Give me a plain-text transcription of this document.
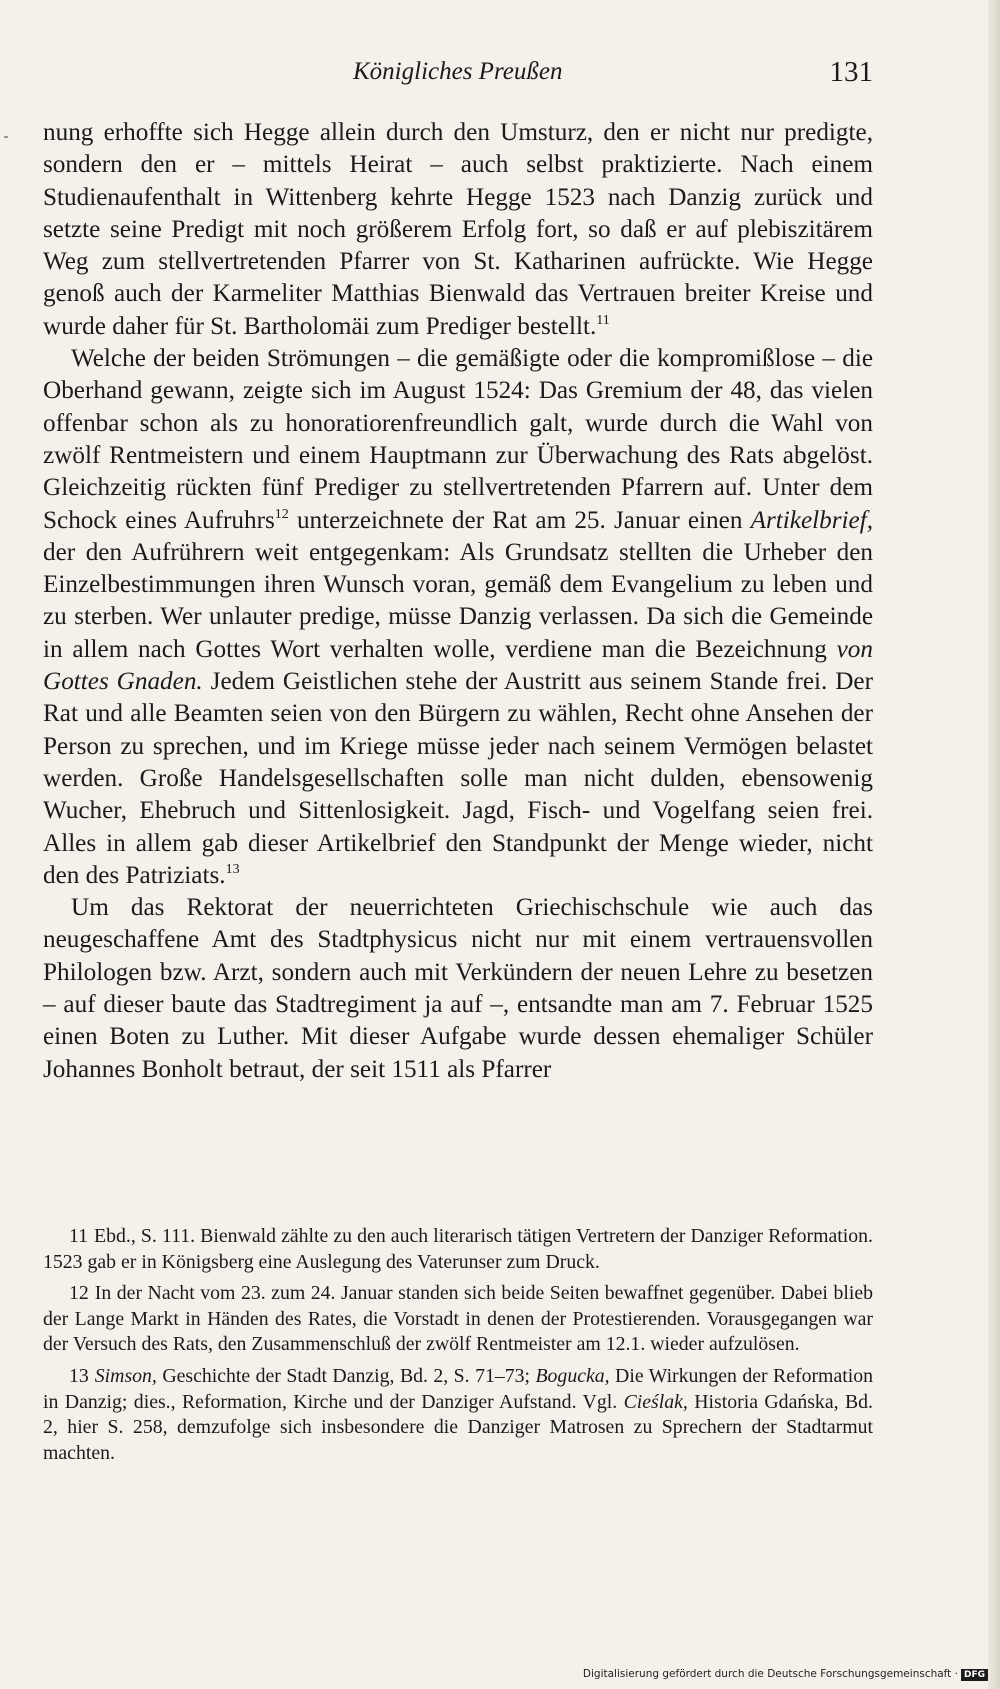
Königliches Preußen	131

nung erhoffte sich Hegge allein durch den Umsturz, den er nicht nur predigte, sondern den er – mittels Heirat – auch selbst praktizierte. Nach einem Studienaufenthalt in Wittenberg kehrte Hegge 1523 nach Danzig zurück und setzte seine Predigt mit noch größerem Erfolg fort, so daß er auf plebiszitärem Weg zum stellvertretenden Pfarrer von St. Katharinen aufrückte. Wie Hegge genoß auch der Karmeliter Matthias Bienwald das Vertrauen breiter Kreise und wurde daher für St. Bartholomäi zum Prediger bestellt.$^{11}$

Welche der beiden Strömungen – die gemäßigte oder die kompromißlose – die Oberhand gewann, zeigte sich im August 1524: Das Gremium der 48, das vielen offenbar schon als zu honoratiorenfreundlich galt, wurde durch die Wahl von zwölf Rentmeistern und einem Hauptmann zur Überwachung des Rats abgelöst. Gleichzeitig rückten fünf Prediger zu stellvertretenden Pfarrern auf. Unter dem Schock eines Aufruhrs$^{12}$ unterzeichnete der Rat am 25. Januar einen Artikelbrief, der den Aufrührern weit entgegenkam: Als Grundsatz stellten die Urheber den Einzelbestimmungen ihren Wunsch voran, gemäß dem Evangelium zu leben und zu sterben. Wer unlauter predige, müsse Danzig verlassen. Da sich die Gemeinde in allem nach Gottes Wort verhalten wolle, verdiene man die Bezeichnung von Gottes Gnaden. Jedem Geistlichen stehe der Austritt aus seinem Stande frei. Der Rat und alle Beamten seien von den Bürgern zu wählen, Recht ohne Ansehen der Person zu sprechen, und im Kriege müsse jeder nach seinem Vermögen belastet werden. Große Handelsgesellschaften solle man nicht dulden, ebensowenig Wucher, Ehebruch und Sittenlosigkeit. Jagd, Fisch- und Vogelfang seien frei. Alles in allem gab dieser Artikelbrief den Standpunkt der Menge wieder, nicht den des Patriziats.$^{13}$

Um das Rektorat der neuerrichteten Griechischschule wie auch das neugeschaffene Amt des Stadtphysicus nicht nur mit einem vertrauensvollen Philologen bzw. Arzt, sondern auch mit Verkündern der neuen Lehre zu besetzen – auf dieser baute das Stadtregiment ja auf –, entsandte man am 7. Februar 1525 einen Boten zu Luther. Mit dieser Aufgabe wurde dessen ehemaliger Schüler Johannes Bonholt betraut, der seit 1511 als Pfarrer

11 Ebd., S. 111. Bienwald zählte zu den auch literarisch tätigen Vertretern der Danziger Reformation. 1523 gab er in Königsberg eine Auslegung des Vaterunser zum Druck.

12 In der Nacht vom 23. zum 24. Januar standen sich beide Seiten bewaffnet gegenüber. Dabei blieb der Lange Markt in Händen des Rates, die Vorstadt in denen der Protestierenden. Vorausgegangen war der Versuch des Rats, den Zusammenschluß der zwölf Rentmeister am 12.1. wieder aufzulösen.

13 Simson, Geschichte der Stadt Danzig, Bd. 2, S. 71–73; Bogucka, Die Wirkungen der Reformation in Danzig; dies., Reformation, Kirche und der Danziger Aufstand. Vgl. Cieślak, Historia Gdańska, Bd. 2, hier S. 258, demzufolge sich insbesondere die Danziger Matrosen zu Sprechern der Stadtarmut machten.

Digitalisierung gefördert durch die Deutsche Forschungsgemeinschaft · DFG
